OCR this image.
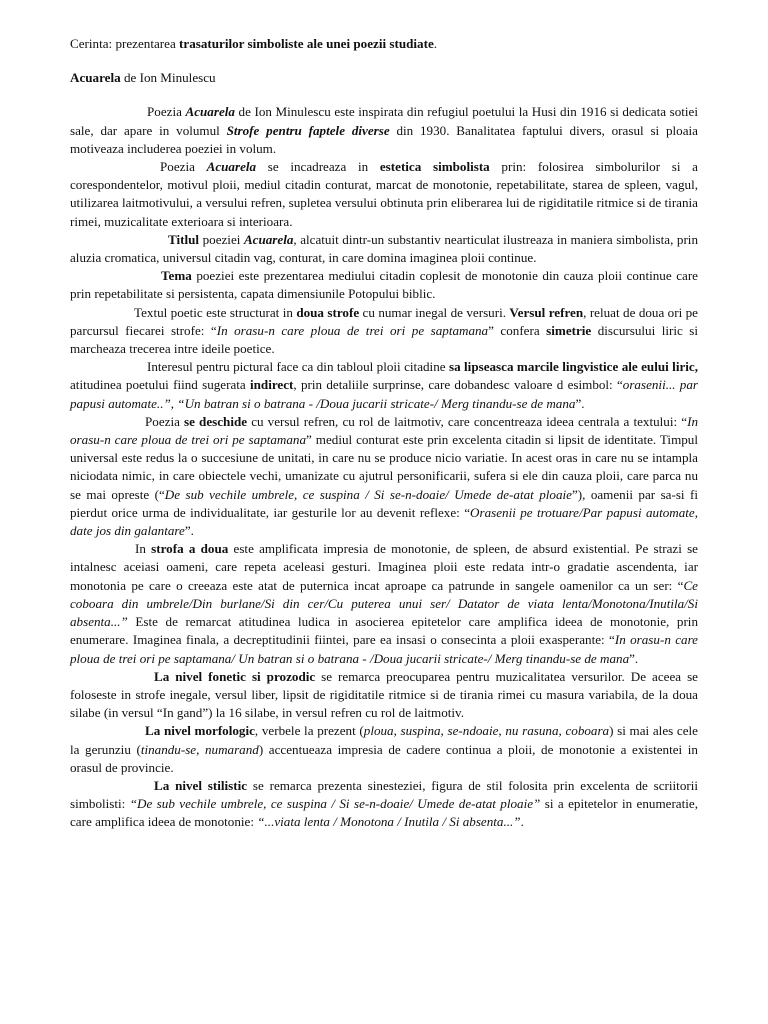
Cerinta: prezentarea trasaturilor simboliste ale unei poezii studiate.

Acuarela de Ion Minulescu

Poezia Acuarela de Ion Minulescu este inspirata din refugiul poetului la Husi din 1916 si dedicata sotiei sale, dar apare in volumul Strofe pentru faptele diverse din 1930. Banalitatea faptului divers, orasul si ploaia motiveaza includerea poeziei in volum.

Poezia Acuarela se incadreaza in estetica simbolista prin: folosirea simbolurilor si a corespondentelor, motivul ploii, mediul citadin conturat, marcat de monotonie, repetabilitate, starea de spleen, vagul, utilizarea laitmotivului, a versului refren, supletea versului obtinuta prin eliberarea lui de rigiditatile ritmice si de tirania rimei, muzicalitate exterioara si interioara.

Titlul poeziei Acuarela, alcatuit dintr-un substantiv nearticulat ilustreaza in maniera simbolista, prin aluzia cromatica, universul citadin vag, conturat, in care domina imaginea ploii continue.

Tema poeziei este prezentarea mediului citadin coplesit de monotonie din cauza ploii continue care prin repetabilitate si persistenta, capata dimensiunile Potopului biblic.

Textul poetic este structurat in doua strofe cu numar inegal de versuri. Versul refren, reluat de doua ori pe parcursul fiecarei strofe: “In orasu-n care ploua de trei ori pe saptamana” confera simetrie discursului liric si marcheaza trecerea intre ideile poetice.

Interesul pentru pictural face ca din tabloul ploii citadine sa lipseasca marcile lingvistice ale eului liric, atitudinea poetului fiind sugerata indirect, prin detaliile surprinse, care dobandesc valoare d esimbol: “orasenii... par papusi automate..”, “Un batran si o batrana - /Doua jucarii stricate-/ Merg tinandu-se de mana”.

Poezia se deschide cu versul refren, cu rol de laitmotiv, care concentreaza ideea centrala a textului: “In orasu-n care ploua de trei ori pe saptamana” mediul conturat este prin excelenta citadin si lipsit de identitate. Timpul universal este redus la o succesiune de unitati, in care nu se produce nicio variatie. In acest oras in care nu se intampla niciodata nimic, in care obiectele vechi, umanizate cu ajutrul personificarii, sufera si ele din cauza ploii, care parca nu se mai opreste (“De sub vechile umbrele, ce suspina / Si se-n-doaie/ Umede de-atat ploaie”), oamenii par sa-si fi pierdut orice urma de individualitate, iar gesturile lor au devenit reflexe: “Orasenii pe trotuare/Par papusi automate, date jos din galantare”.

In strofa a doua este amplificata impresia de monotonie, de spleen, de absurd existential. Pe strazi se intalnesc aceiasi oameni, care repeta aceleasi gesturi. Imaginea ploii este redata intr-o gradatie ascendenta, iar monotonia pe care o creeaza este atat de puternica incat aproape ca patrunde in sangele oamenilor ca un ser: “Ce coboara din umbrele/Din burlane/Si din cer/Cu puterea unui ser/ Datator de viata lenta/Monotona/Inutila/Si absenta...” Este de remarcat atitudinea ludica in asocierea epitetelor care amplifica ideea de monotonie, prin enumerare. Imaginea finala, a decreptitudinii fiintei, pare ea insasi o consecinta a ploii exasperante: “In orasu-n care ploua de trei ori pe saptamana/ Un batran si o batrana - /Doua jucarii stricate-/ Merg tinandu-se de mana”.

La nivel fonetic si prozodic se remarca preocuparea pentru muzicalitatea versurilor. De aceea se foloseste in strofe inegale, versul liber, lipsit de rigiditatile ritmice si de tirania rimei cu masura variabila, de la doua silabe (in versul “In gand”) la 16 silabe, in versul refren cu rol de laitmotiv.

La nivel morfologic, verbele la prezent (ploua, suspina, se-ndoaie, nu rasuna, coboara) si mai ales cele la gerunziu (tinandu-se, numarand) accentueaza impresia de cadere continua a ploii, de monotonie a existentei in orasul de provincie.

La nivel stilistic se remarca prezenta sinesteziei, figura de stil folosita prin excelenta de scriitorii simbolisti: “De sub vechile umbrele, ce suspina / Si se-n-doaie/ Umede de-atat ploaie” si a epitetelor in enumeratie, care amplifica ideea de monotonie: “...viata lenta / Monotona / Inutila / Si absenta...”.
